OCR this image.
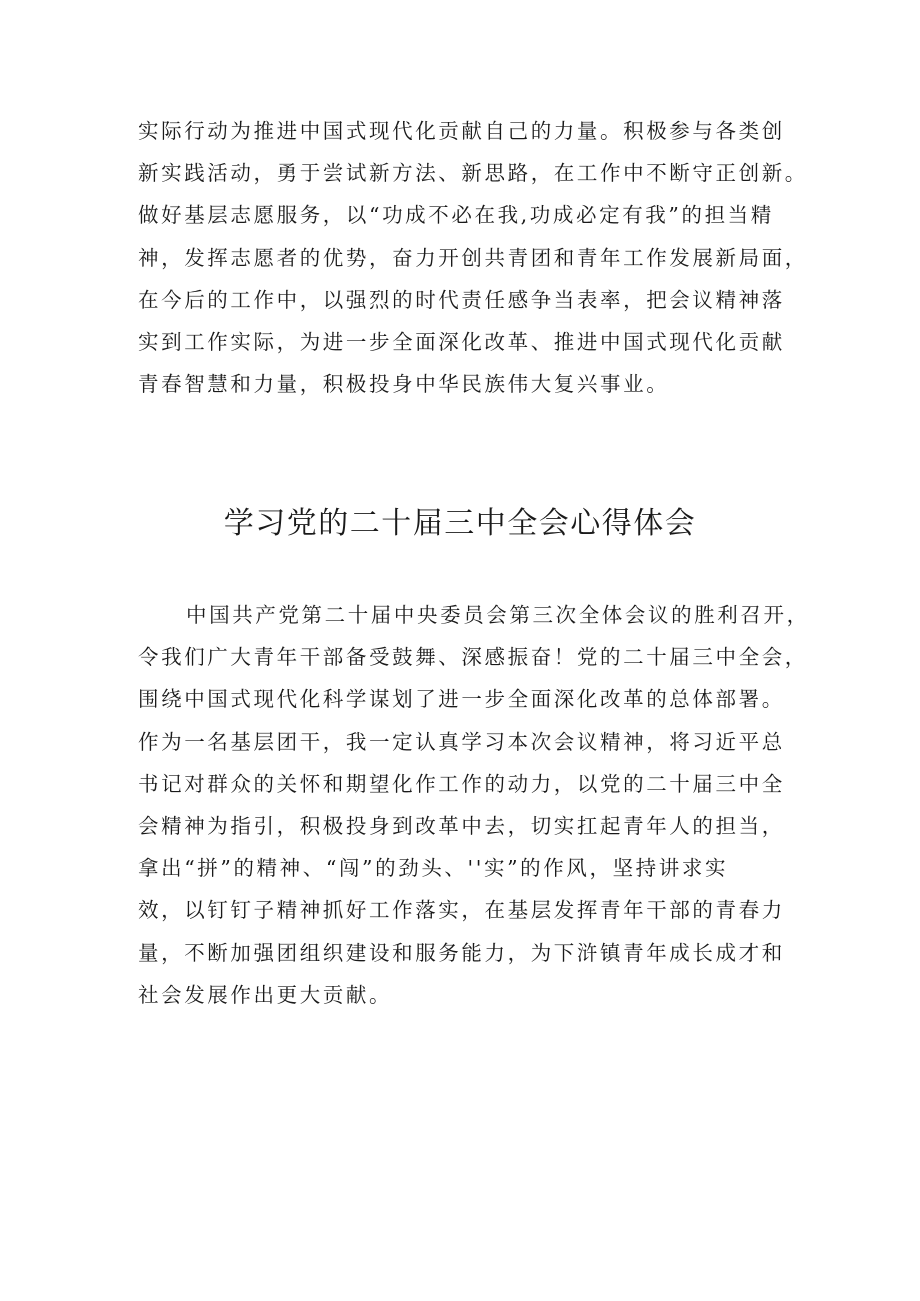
实际行动为推进中国式现代化贡献自己的力量。积极参与各类创
新实践活动，勇于尝试新方法、新思路，在工作中不断守正创新。
做好基层志愿服务，以“功成不必在我,功成必定有我”的担当精
神，发挥志愿者的优势，奋力开创共青团和青年工作发展新局面，
在今后的工作中，以强烈的时代责任感争当表率，把会议精神落
实到工作实际，为进一步全面深化改革、推进中国式现代化贡献
青春智慧和力量，积极投身中华民族伟大复兴事业。
学习党的二十届三中全会心得体会
中国共产党第二十届中央委员会第三次全体会议的胜利召开，
令我们广大青年干部备受鼓舞、深感振奋！党的二十届三中全会，
围绕中国式现代化科学谋划了进一步全面深化改革的总体部署。
作为一名基层团干，我一定认真学习本次会议精神，将习近平总
书记对群众的关怀和期望化作工作的动力，以党的二十届三中全
会精神为指引，积极投身到改革中去，切实扛起青年人的担当，
拿出“拼”的精神、“闯”的劲头、''实”的作风，坚持讲求实
效，以钉钉子精神抓好工作落实，在基层发挥青年干部的青春力
量，不断加强团组织建设和服务能力，为下浒镇青年成长成才和
社会发展作出更大贡献。
